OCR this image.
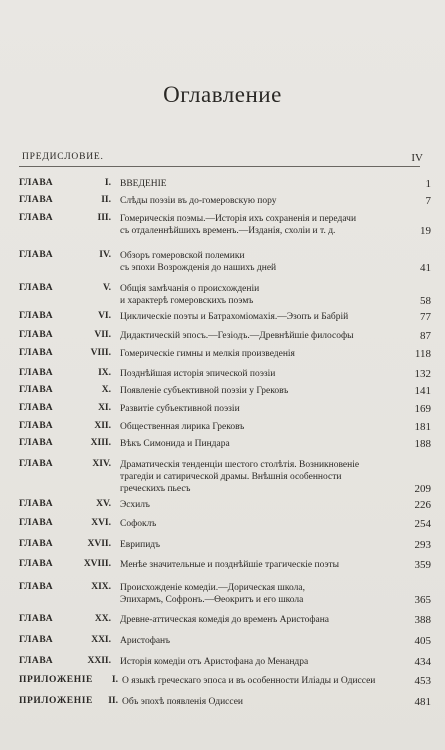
Оглавление
ПРЕДИСЛОВИЕ.	IV
ГЛАВА	I. ВВЕДЕНІЕ	1
ГЛАВА	II. Слѣды поэзіи въ до-гомеровскую пору	7
ГЛАВА	III. Гомерическія поэмы.—Исторія ихъ сохраненія и передачи
съ отдаленнѣйшихъ временъ.—Изданія, схоліи и т. д.	19
ГЛАВА	IV. Обзоръ гомеровской полемики
съ эпохи Возрожденія до нашихъ дней	41
ГЛАВА	V. Общія замѣчанія о происхожденіи
и характерѣ гомеровскихъ поэмъ	58
ГЛАВА	VI. Циклическіе поэты и Батрахоміомахія.—Эзопъ и Бабрій	77
ГЛАВА	VII. Дидактическій эпосъ.—Гезіодъ.—Древнѣйшіе философы	87
ГЛАВА	VIII. Гомерическіе гимны и мелкія произведенія	118
ГЛАВА	IX. Позднѣйшая исторія эпической поэзіи	132
ГЛАВА	X. Появленіе субъективной поэзіи у Грековъ	141
ГЛАВА	XI. Развитіе субъективной поэзіи	169
ГЛАВА	XII. Общественная лирика Грековъ	181
ГЛАВА	XIII. Вѣкъ Симонида и Пиндара	188
ГЛАВА	XIV. Драматическія тенденціи шестого столѣтія. Возникновеніе
трагедіи и сатирической драмы. Внѣшнія особенности
греческихъ пьесъ	209
ГЛАВА	XV. Эсхилъ	226
ГЛАВА	XVI. Софоклъ	254
ГЛАВА	XVII. Еврипидъ	293
ГЛАВА	XVIII. Менѣе значительные и позднѣйшіе трагическіе поэты	359
ГЛАВА	XIX. Происхожденіе комедіи.—Дорическая школа,
Эпихармъ, Софронъ.—Ѳеокритъ и его школа	365
ГЛАВА	XX. Древне-аттическая комедія до временъ Аристофана	388
ГЛАВА	XXI. Аристофанъ	405
ГЛАВА	XXII. Исторія комедіи отъ Аристофана до Менандра	434
ПРИЛОЖЕНІЕ	I. О языкѣ греческаго эпоса и въ особенности Иліады и Одиссеи	453
ПРИЛОЖЕНІЕ	II. Объ эпохѣ появленія Одиссеи	481
